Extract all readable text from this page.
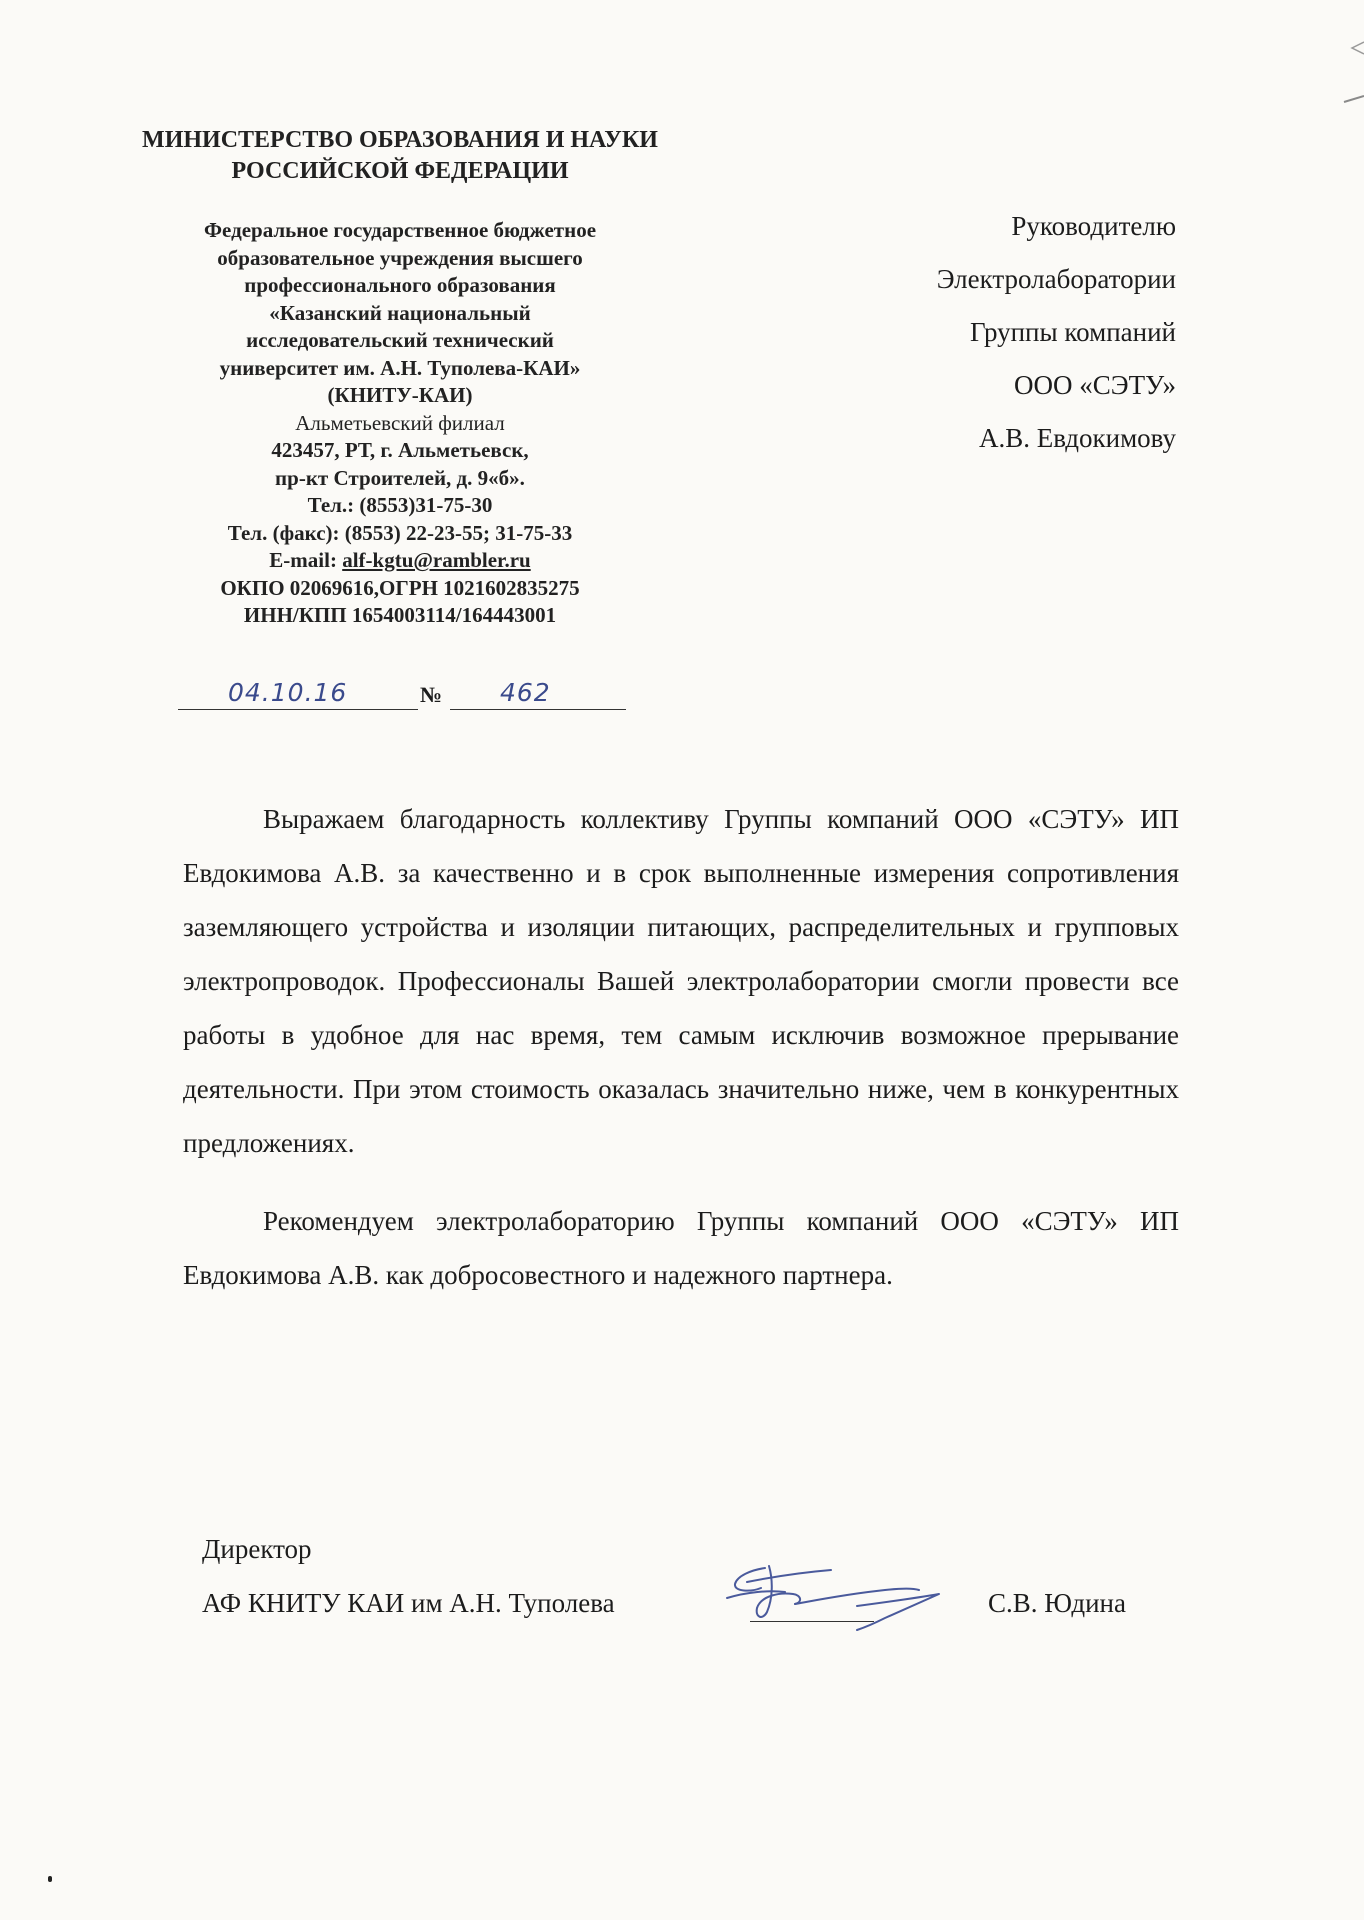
МИНИСТЕРСТВО ОБРАЗОВАНИЯ И НАУКИ
РОССИЙСКОЙ ФЕДЕРАЦИИ
Федеральное государственное бюджетное
образовательное учреждения высшего
профессионального образования
«Казанский национальный
исследовательский технический
университет им. А.Н. Туполева-КАИ»
(КНИТУ-КАИ)
Альметьевский филиал
423457, РТ, г. Альметьевск,
пр-кт Строителей, д. 9«б».
Тел.: (8553)31-75-30
Тел. (факс): (8553) 22-23-55; 31-75-33
E-mail: alf-kgtu@rambler.ru
ОКПО 02069616,ОГРН 1021602835275
ИНН/КПП 1654003114/164443001
04.10.16	№ 462
Руководителю
Электролаборатории
Группы компаний
ООО «СЭТУ»
А.В. Евдокимову

Выражаем благодарность коллективу Группы компаний ООО «СЭТУ» ИП Евдокимова А.В. за качественно и в срок выполненные измерения сопротивления заземляющего устройства и изоляции питающих, распределительных и групповых электропроводок. Профессионалы Вашей электролаборатории смогли провести все работы в удобное для нас время, тем самым исключив возможное прерывание деятельности. При этом стоимость оказалась значительно ниже, чем в конкурентных предложениях.

Рекомендуем электролабораторию Группы компаний ООО «СЭТУ» ИП Евдокимова А.В. как добросовестного и надежного партнера.

Директор
АФ КНИТУ КАИ им А.Н. Туполева	С.В. Юдина
